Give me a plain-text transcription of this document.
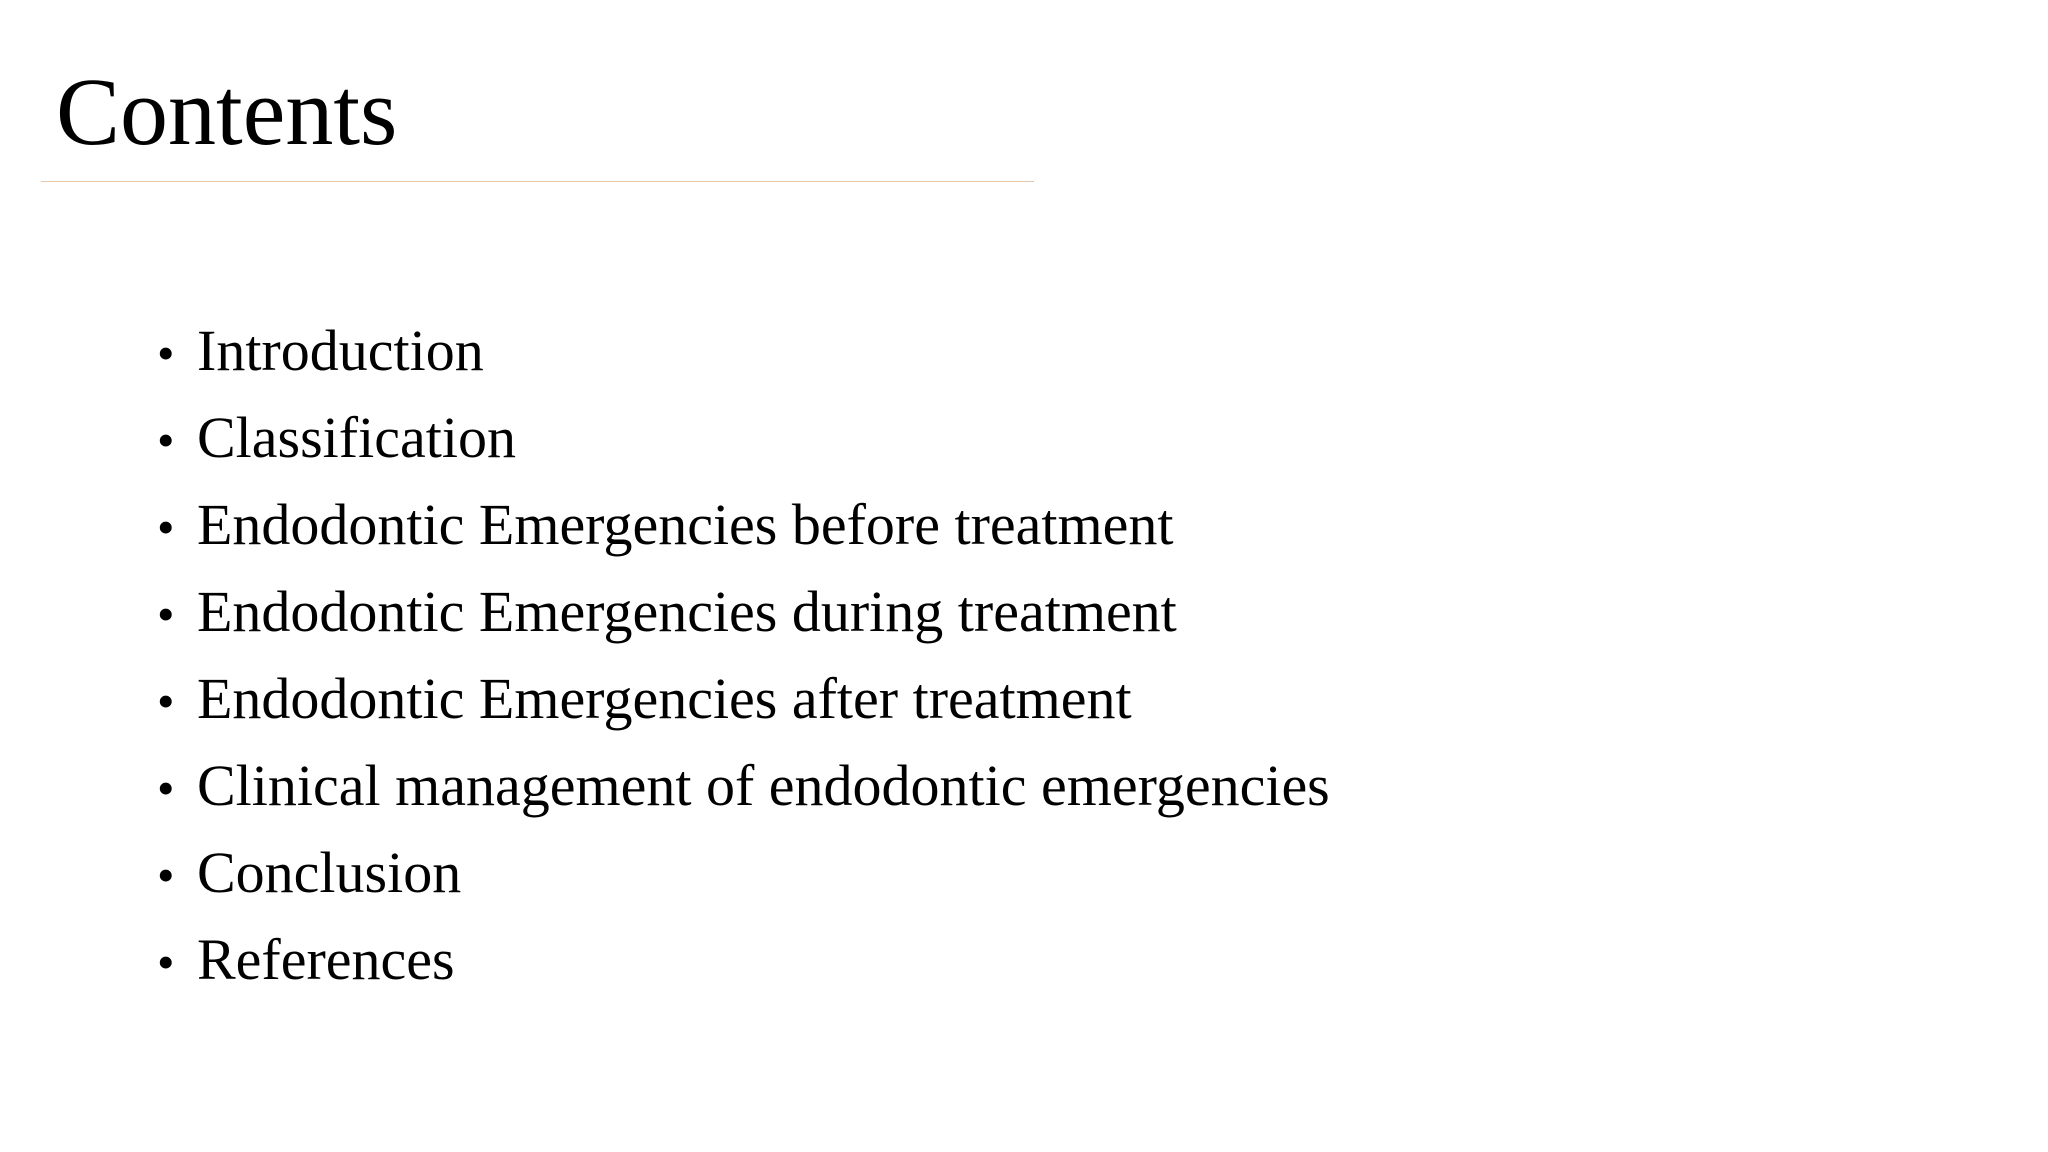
Contents
• Introduction
• Classification
• Endodontic Emergencies before treatment
• Endodontic Emergencies during treatment
• Endodontic Emergencies after treatment
• Clinical management of endodontic emergencies
• Conclusion
• References
